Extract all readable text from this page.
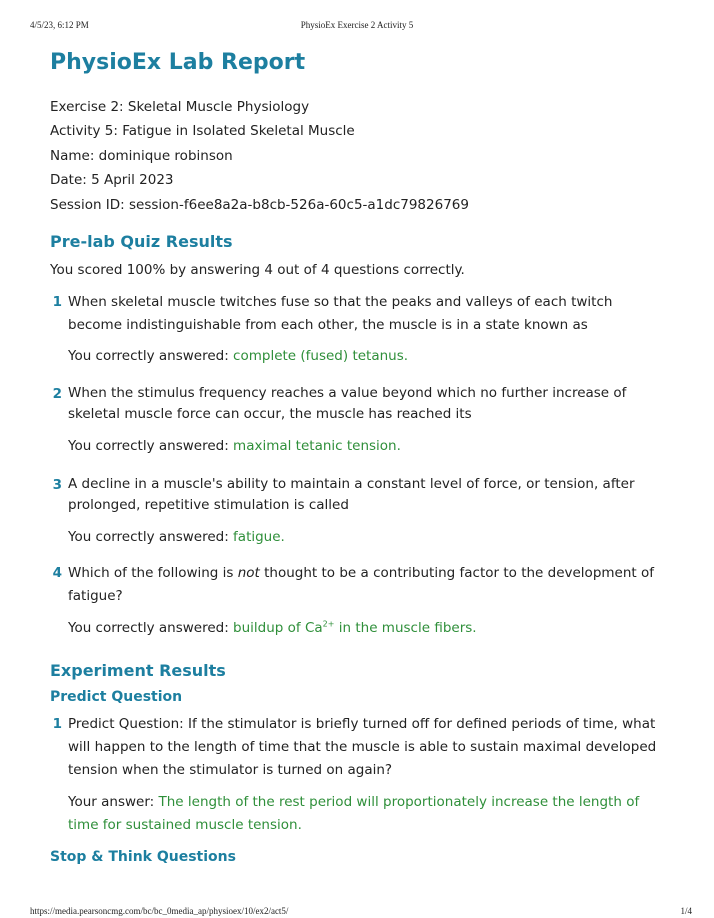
4/5/23, 6:12 PM	PhysioEx Exercise 2 Activity 5
PhysioEx Lab Report
Exercise 2: Skeletal Muscle Physiology
Activity 5: Fatigue in Isolated Skeletal Muscle
Name: dominique robinson
Date: 5 April 2023
Session ID: session-f6ee8a2a-b8cb-526a-60c5-a1dc79826769
Pre-lab Quiz Results
You scored 100% by answering 4 out of 4 questions correctly.
1 When skeletal muscle twitches fuse so that the peaks and valleys of each twitch become indistinguishable from each other, the muscle is in a state known as
You correctly answered: complete (fused) tetanus.
2 When the stimulus frequency reaches a value beyond which no further increase of skeletal muscle force can occur, the muscle has reached its
You correctly answered: maximal tetanic tension.
3 A decline in a muscle's ability to maintain a constant level of force, or tension, after prolonged, repetitive stimulation is called
You correctly answered: fatigue.
4 Which of the following is not thought to be a contributing factor to the development of fatigue?
You correctly answered: buildup of $Ca^{2+}$ in the muscle fibers.
Experiment Results
Predict Question
1 Predict Question: If the stimulator is briefly turned off for defined periods of time, what will happen to the length of time that the muscle is able to sustain maximal developed tension when the stimulator is turned on again?
Your answer: The length of the rest period will proportionately increase the length of time for sustained muscle tension.
Stop & Think Questions
https://media.pearsoncmg.com/bc/bc_0media_ap/physioex/10/ex2/act5/	1/4
